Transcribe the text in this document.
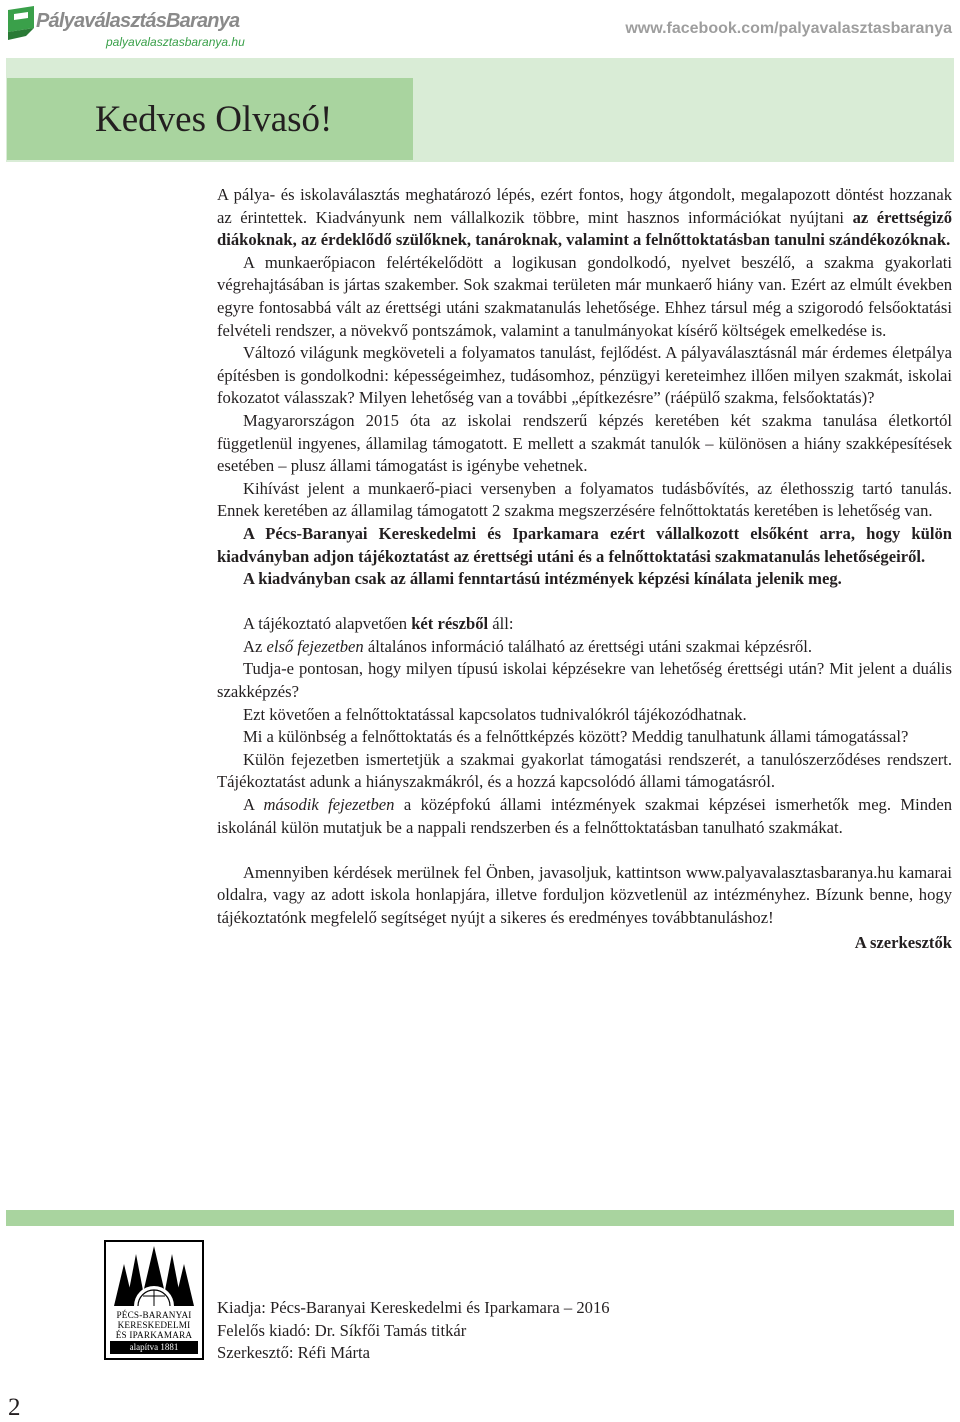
PályaválasztásBaranya
palyavalasztasbaranya.hu
www.facebook.com/palyavalasztasbaranya
Kedves Olvasó!

A pálya- és iskolaválasztás meghatározó lépés, ezért fontos, hogy átgondolt, megalapozott döntést hozzanak az érintettek. Kiadványunk nem vállalkozik többre, mint hasznos információkat nyújtani az érettségiző diákoknak, az érdeklődő szülőknek, tanároknak, valamint a felnőttoktatásban tanulni szándékozóknak.

A munkaerőpiacon felértékelődött a logikusan gondolkodó, nyelvet beszélő, a szakma gyakorlati végrehajtásában is jártas szakember. Sok szakmai területen már munkaerő hiány van. Ezért az elmúlt években egyre fontosabbá vált az érettségi utáni szakmatanulás lehetősége. Ehhez társul még a szigorodó felsőoktatási felvételi rendszer, a növekvő pontszámok, valamint a tanulmányokat kísérő költségek emelkedése is.

Változó világunk megköveteli a folyamatos tanulást, fejlődést. A pályaválasztásnál már érdemes életpálya építésben is gondolkodni: képességeimhez, tudásomhoz, pénzügyi kereteimhez illően milyen szakmát, iskolai fokozatot válasszak? Milyen lehetőség van a további „építkezésre” (ráépülő szakma, felsőoktatás)?

Magyarországon 2015 óta az iskolai rendszerű képzés keretében két szakma tanulása életkortól függetlenül ingyenes, államilag támogatott. E mellett a szakmát tanulók – különösen a hiány szakképesítések esetében – plusz állami támogatást is igénybe vehetnek.

Kihívást jelent a munkaerő-piaci versenyben a folyamatos tudásbővítés, az élethosszig tartó tanulás. Ennek keretében az államilag támogatott 2 szakma megszerzésére felnőttoktatás keretében is lehetőség van.

A Pécs-Baranyai Kereskedelmi és Iparkamara ezért vállalkozott elsőként arra, hogy külön kiadványban adjon tájékoztatást az érettségi utáni és a felnőttoktatási szakmatanulás lehetőségeiről.

A kiadványban csak az állami fenntartású intézmények képzési kínálata jelenik meg.

A tájékoztató alapvetően két részből áll:

Az első fejezetben általános információ található az érettségi utáni szakmai képzésről.

Tudja-e pontosan, hogy milyen típusú iskolai képzésekre van lehetőség érettségi után? Mit jelent a duális szakképzés?

Ezt követően a felnőttoktatással kapcsolatos tudnivalókról tájékozódhatnak.

Mi a különbség a felnőttoktatás és a felnőttképzés között? Meddig tanulhatunk állami támogatással?

Külön fejezetben ismertetjük a szakmai gyakorlat támogatási rendszerét, a tanulószerződéses rendszert. Tájékoztatást adunk a hiányszakmákról, és a hozzá kapcsolódó állami támogatásról.

A második fejezetben a középfokú állami intézmények szakmai képzései ismerhetők meg. Minden iskolánál külön mutatjuk be a nappali rendszerben és a felnőttoktatásban tanulható szakmákat.

Amennyiben kérdések merülnek fel Önben, javasoljuk, kattintson www.palyavalasztasbaranya.hu kamarai oldalra, vagy az adott iskola honlapjára, illetve forduljon közvetlenül az intézményhez. Bízunk benne, hogy tájékoztatónk megfelelő segítséget nyújt a sikeres és eredményes továbbtanuláshoz!

A szerkesztők

PÉCS-BARANYAI
KERESKEDELMI
ÉS IPARKAMARA
alapítva 1881
Kiadja: Pécs-Baranyai Kereskedelmi és Iparkamara – 2016
Felelős kiadó: Dr. Síkfői Tamás titkár
Szerkesztő: Réfi Márta
2
